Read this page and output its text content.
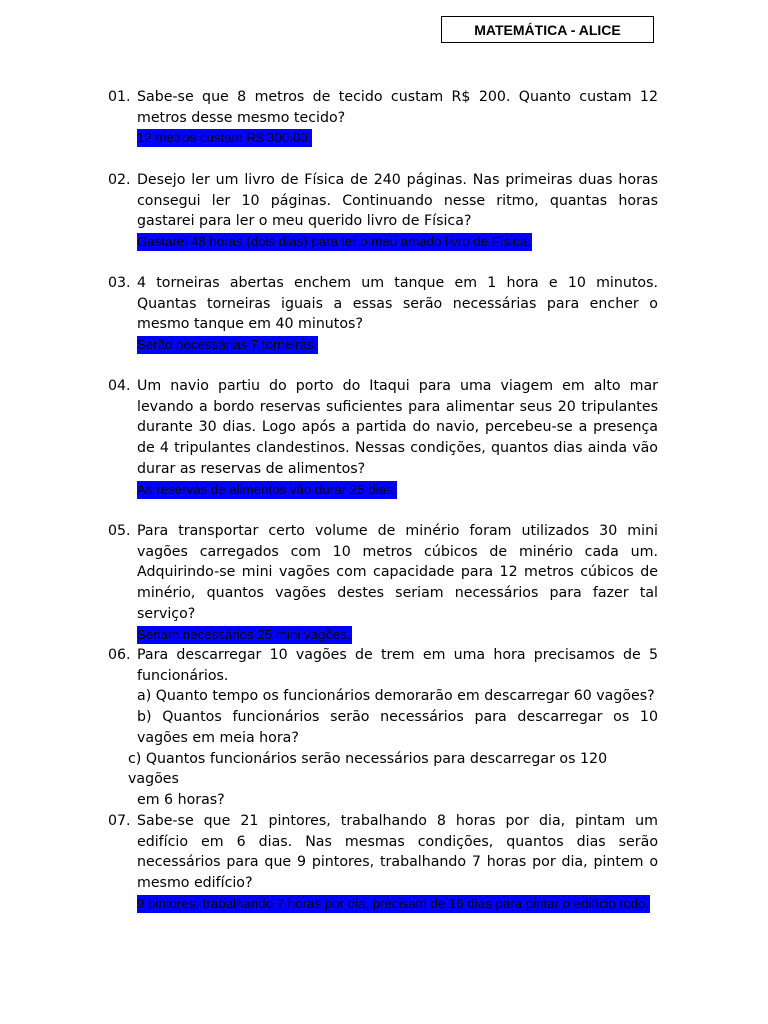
MATEMÁTICA - ALICE
01. Sabe-se que 8 metros de tecido custam R$ 200. Quanto custam 12 metros desse mesmo tecido?
12 metros custam R$ 300,00.
02. Desejo ler um livro de Física de 240 páginas. Nas primeiras duas horas consegui ler 10 páginas. Continuando nesse ritmo, quantas horas gastarei para ler o meu querido livro de Física?
Gastarei 48 horas (dois dias) para ler o meu amado livro de Física.
03. 4 torneiras abertas enchem um tanque em 1 hora e 10 minutos. Quantas torneiras iguais a essas serão necessárias para encher o mesmo tanque em 40 minutos?
Serão necessárias 7 torneiras.
04. Um navio partiu do porto do Itaqui para uma viagem em alto mar levando a bordo reservas suficientes para alimentar seus 20 tripulantes durante 30 dias. Logo após a partida do navio, percebeu-se a presença de 4 tripulantes clandestinos. Nessas condições, quantos dias ainda vão durar as reservas de alimentos?
As reservas de alimentos vão durar 25 dias.
05. Para transportar certo volume de minério foram utilizados 30 mini vagões carregados com 10 metros cúbicos de minério cada um. Adquirindo-se mini vagões com capacidade para 12 metros cúbicos de minério, quantos vagões destes seriam necessários para fazer tal serviço?
Seriam necessários 25 mini vagões.
06. Para descarregar 10 vagões de trem em uma hora precisamos de 5 funcionários.
a) Quanto tempo os funcionários demorarão em descarregar 60 vagões?
b) Quantos funcionários serão necessários para descarregar os 10 vagões em meia hora?
c) Quantos funcionários serão necessários para descarregar os 120 vagões
em 6 horas?
07. Sabe-se que 21 pintores, trabalhando 8 horas por dia, pintam um edifício em 6 dias. Nas mesmas condições, quantos dias serão necessários para que 9 pintores, trabalhando 7 horas por dia, pintem o mesmo edifício?
9 pintores, trabalhando 7 horas por dia, precisam de 16 dias para pintar o edifício todo.
